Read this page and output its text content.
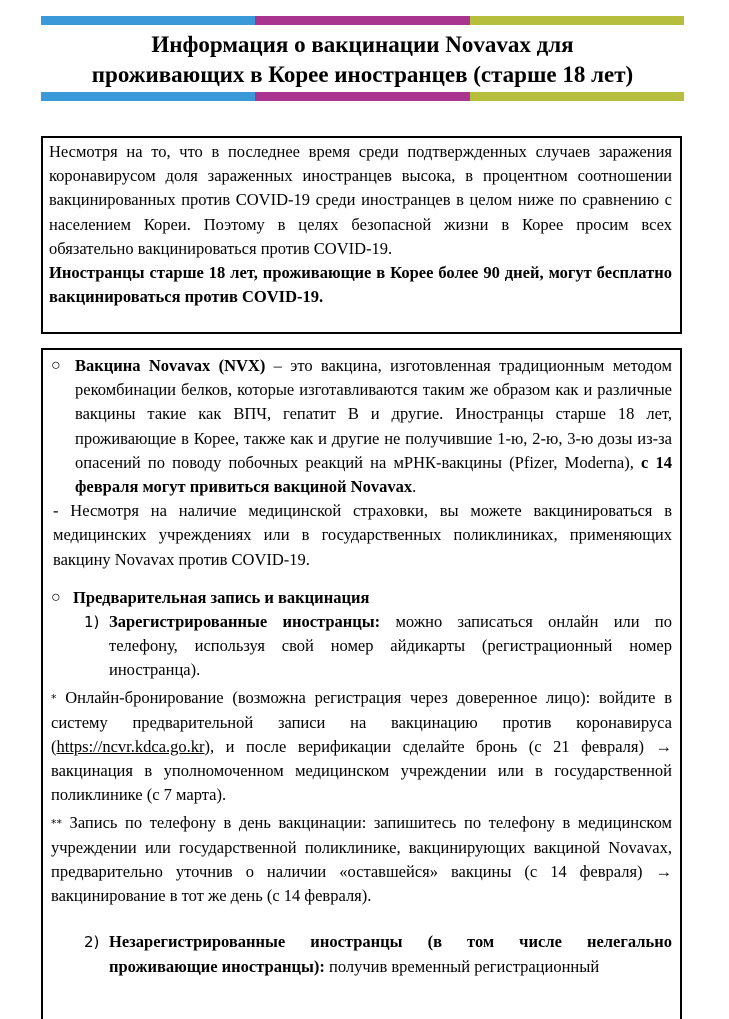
Информация о вакцинации Novavax для
проживающих в Корее иностранцев (старше 18 лет)

Несмотря на то, что в последнее время среди подтвержденных случаев заражения коронавирусом доля зараженных иностранцев высока, в процентном соотношении вакцинированных против COVID-19 среди иностранцев в целом ниже по сравнению с населением Кореи. Поэтому в целях безопасной жизни в Корее просим всех обязательно вакцинироваться против COVID-19.

Иностранцы старше 18 лет, проживающие в Корее более 90 дней, могут бесплатно вакцинироваться против COVID-19.

○ Вакцина Novavax (NVX) – это вакцина, изготовленная традиционным методом рекомбинации белков, которые изготавливаются таким же образом как и различные вакцины такие как ВПЧ, гепатит В и другие. Иностранцы старше 18 лет, проживающие в Корее, также как и другие не получившие 1-ю, 2-ю, 3-ю дозы из-за опасений по поводу побочных реакций на мРНК-вакцины (Pfizer, Moderna), с 14 февраля могут привиться вакциной Novavax.

- Несмотря на наличие медицинской страховки, вы можете вакцинироваться в медицинских учреждениях или в государственных поликлиниках, применяющих вакцину Novavax против COVID-19.

○ Предварительная запись и вакцинация

1) Зарегистрированные иностранцы: можно записаться онлайн или по телефону, используя свой номер айдикарты (регистрационный номер иностранца).

* Онлайн-бронирование (возможна регистрация через доверенное лицо): войдите в систему предварительной записи на вакцинацию против коронавируса (https://ncvr.kdca.go.kr), и после верификации сделайте бронь (с 21 февраля) → вакцинация в уполномоченном медицинском учреждении или в государственной поликлинике (с 7 марта).

** Запись по телефону в день вакцинации: запишитесь по телефону в медицинском учреждении или государственной поликлинике, вакцинирующих вакциной Novavax, предварительно уточнив о наличии «оставшейся» вакцины (с 14 февраля) → вакцинирование в тот же день (с 14 февраля).

2) Незарегистрированные иностранцы (в том числе нелегально проживающие иностранцы): получив временный регистрационный
